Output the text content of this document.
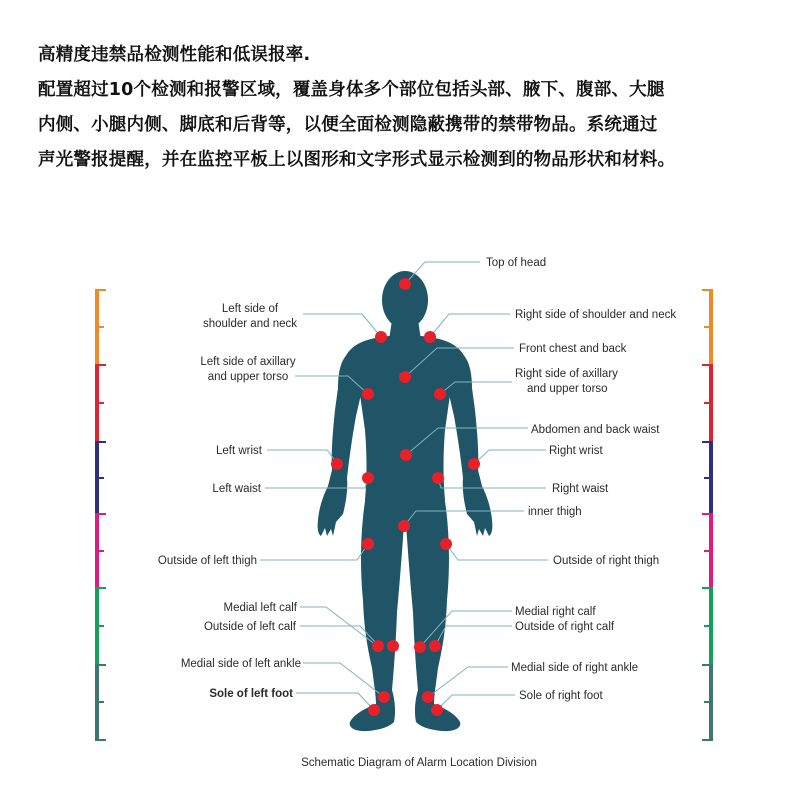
高精度违禁品检测性能和低误报率.
配置超过10个检测和报警区域，覆盖身体多个部位包括头部、腋下、腹部、大腿
内侧、小腿内侧、脚底和后背等，以便全面检测隐蔽携带的禁带物品。系统通过
声光警报提醒，并在监控平板上以图形和文字形式显示检测到的物品形状和材料。
Top of head
Left side of
shoulder and neck
Right side of shoulder and neck
Front chest and back
Left side of axillary
and upper torso	Right side of axillary
and upper torso
Abdomen and back waist
Left wrist	Right wrist
Left waist	Right waist
inner thigh
Outside of left thigh	Outside of right thigh
Medial left calf
Outside of left calf
Medial right calf
Outside of right calf
Medial side of left ankle	Medial side of right ankle
Sole of left foot	Sole of right foot
Schematic Diagram of Alarm Location Division
